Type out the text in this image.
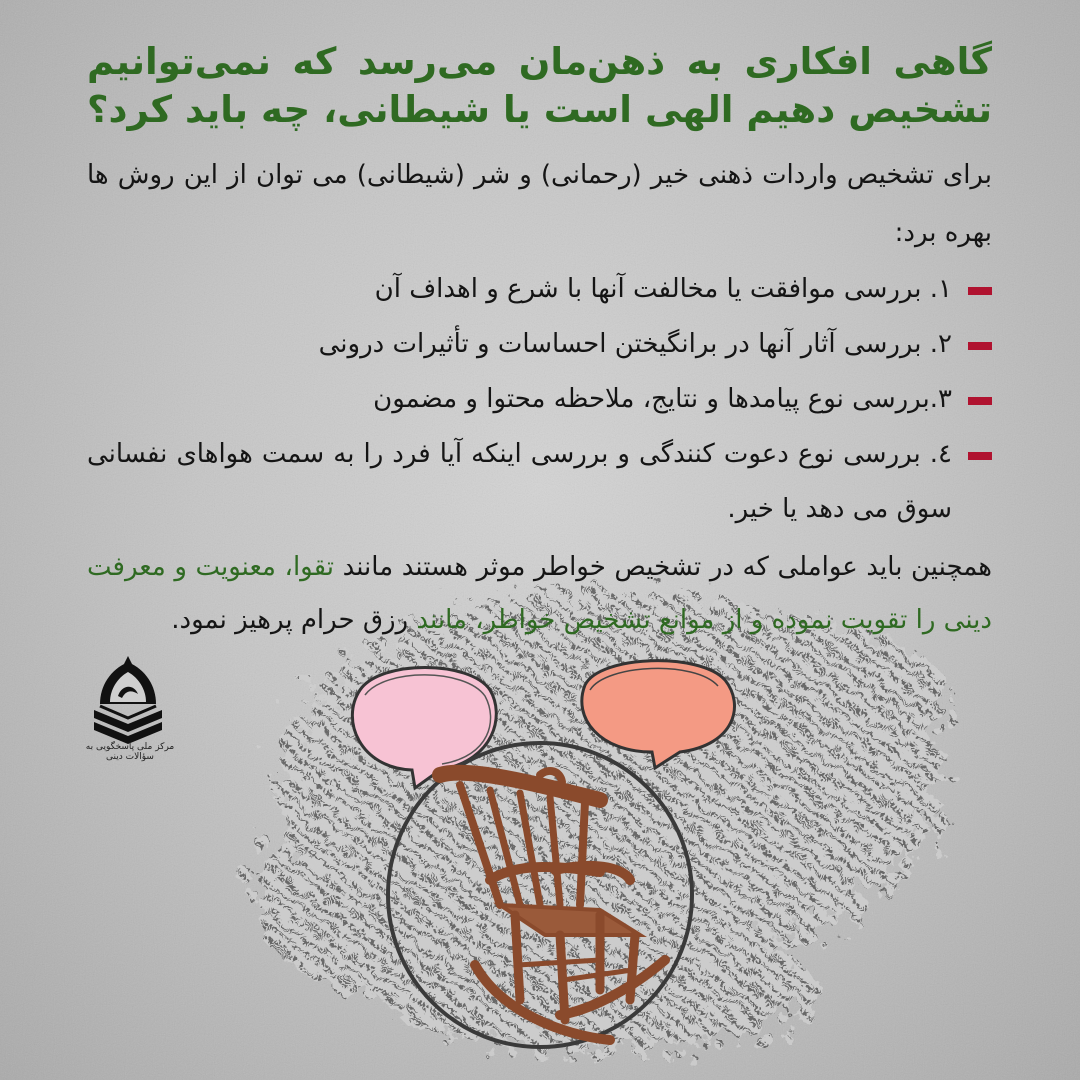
گاهی افکاری به ذهن‌مان می‌رسد که نمی‌توانیم
تشخیص دهیم الهی است یا شیطانی، چه باید کرد؟
برای تشخیص واردات ذهنی خیر (رحمانی) و شر (شیطانی) می توان از این روش ها بهره برد:
۱. بررسی موافقت یا مخالفت آنها با شرع و اهداف آن
۲. بررسی آثار آنها در برانگیختن احساسات و تأثیرات درونی
۳.بررسی نوع پیامدها و نتایج، ملاحظه محتوا و مضمون
٤. بررسی نوع دعوت کنندگی و بررسی اینکه آیا فرد را به سمت هواهای نفسانی سوق می دهد یا خیر.
همچنین باید عواملی که در تشخیص خواطر موثر هستند مانند تقوا، معنویت و معرفت دینی را تقویت نموده و از موانع تشخیص خواطر، مانند رزق حرام پرهیز نمود.
مرکز ملی پاسخگویی به سؤالات دینی
